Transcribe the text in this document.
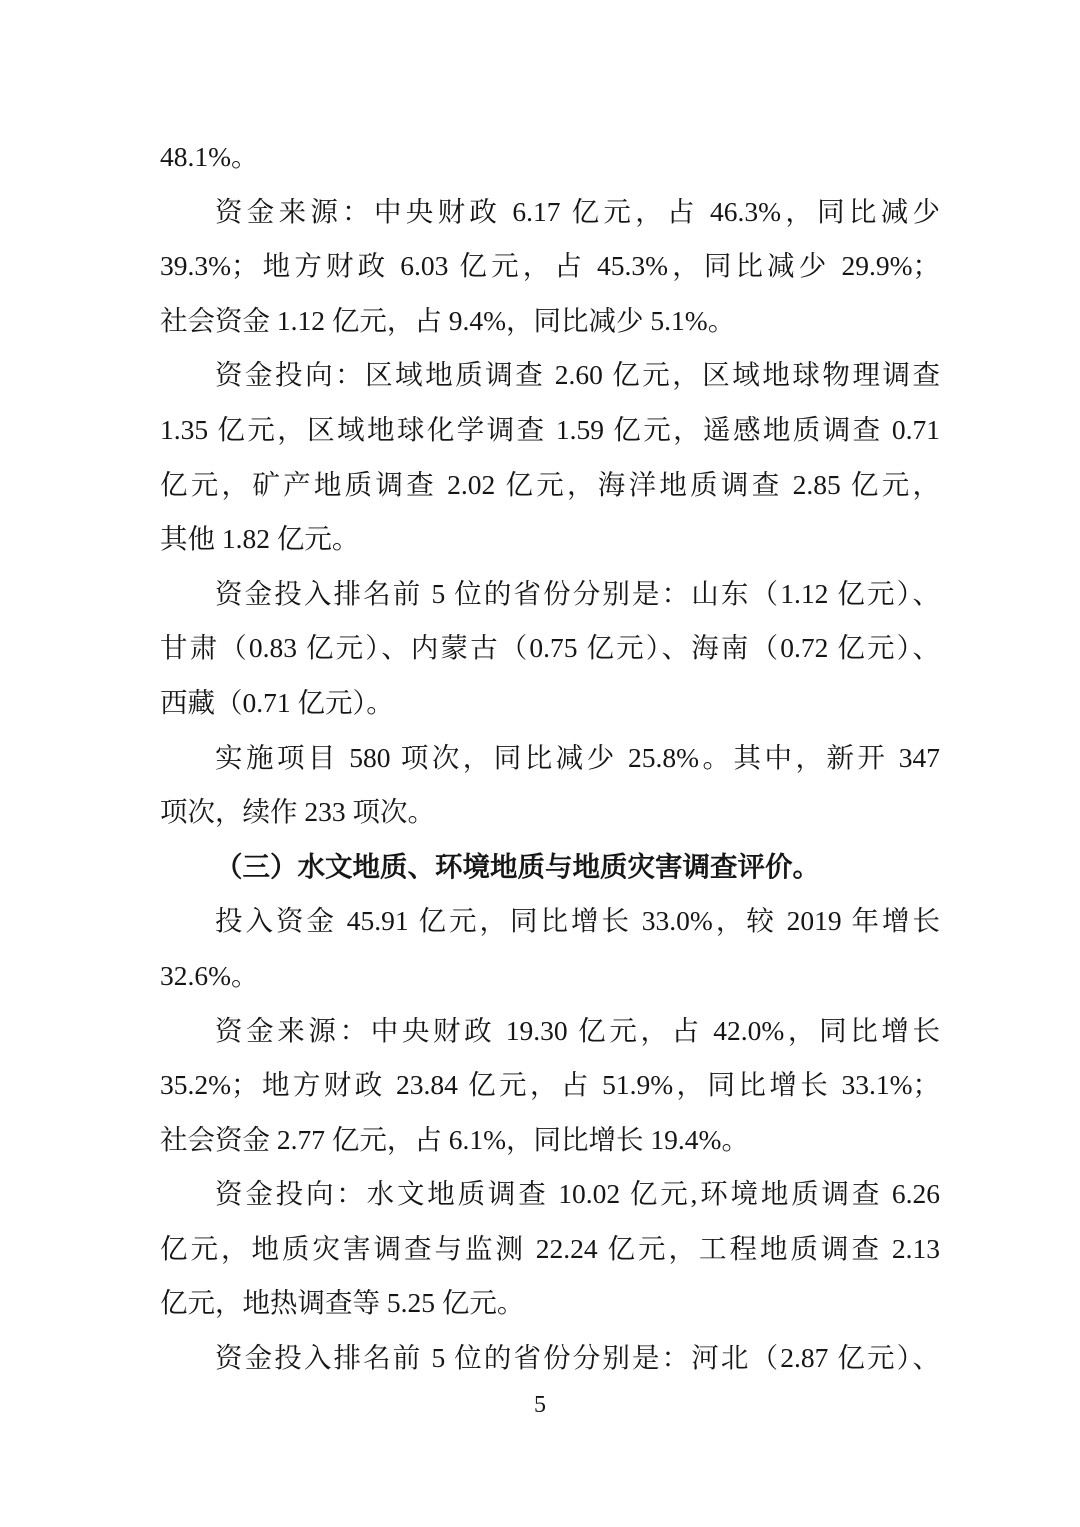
48.1%。

资金来源：中央财政 6.17 亿元，占 46.3%，同比减少

39.3%；地方财政 6.03 亿元，占 45.3%，同比减少 29.9%；

社会资金 1.12 亿元，占 9.4%，同比减少 5.1%。

资金投向：区域地质调查 2.60 亿元，区域地球物理调查

1.35 亿元，区域地球化学调查 1.59 亿元，遥感地质调查 0.71

亿元，矿产地质调查 2.02 亿元，海洋地质调查 2.85 亿元，

其他 1.82 亿元。

资金投入排名前 5 位的省份分别是：山东（1.12 亿元）、

甘肃（0.83 亿元）、内蒙古（0.75 亿元）、海南（0.72 亿元）、

西藏（0.71 亿元）。

实施项目 580 项次，同比减少 25.8%。其中，新开 347

项次，续作 233 项次。

（三）水文地质、环境地质与地质灾害调查评价。

投入资金 45.91 亿元，同比增长 33.0%，较 2019 年增长

32.6%。

资金来源：中央财政 19.30 亿元，占 42.0%，同比增长

35.2%；地方财政 23.84 亿元，占 51.9%，同比增长 33.1%；

社会资金 2.77 亿元，占 6.1%，同比增长 19.4%。

资金投向：水文地质调查 10.02 亿元,环境地质调查 6.26

亿元，地质灾害调查与监测 22.24 亿元，工程地质调查 2.13

亿元，地热调查等 5.25 亿元。

资金投入排名前 5 位的省份分别是：河北（2.87 亿元）、

5
